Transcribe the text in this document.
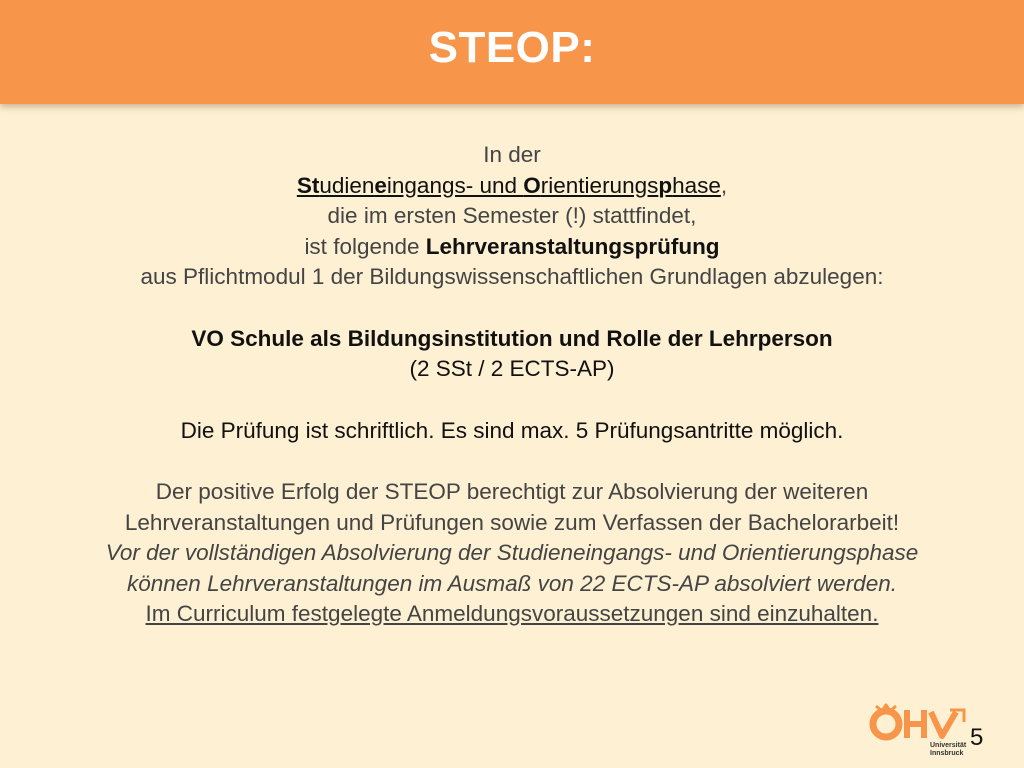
STEOP:
In der
Studieneingangs- und Orientierungsphase,
die im ersten Semester (!) stattfindet,
ist folgende Lehrveranstaltungsprüfung
aus Pflichtmodul 1 der Bildungswissenschaftlichen Grundlagen abzulegen:
VO Schule als Bildungsinstitution und Rolle der Lehrperson
(2 SSt / 2 ECTS-AP)
Die Prüfung ist schriftlich. Es sind max. 5 Prüfungsantritte möglich.
Der positive Erfolg der STEOP berechtigt zur Absolvierung der weiteren
Lehrveranstaltungen und Prüfungen sowie zum Verfassen der Bachelorarbeit!
Vor der vollständigen Absolvierung der Studieneingangs- und Orientierungsphase
können Lehrveranstaltungen im Ausmaß von 22 ECTS-AP absolviert werden.
Im Curriculum festgelegte Anmeldungsvoraussetzungen sind einzuhalten.
Universität
Innsbruck
5
